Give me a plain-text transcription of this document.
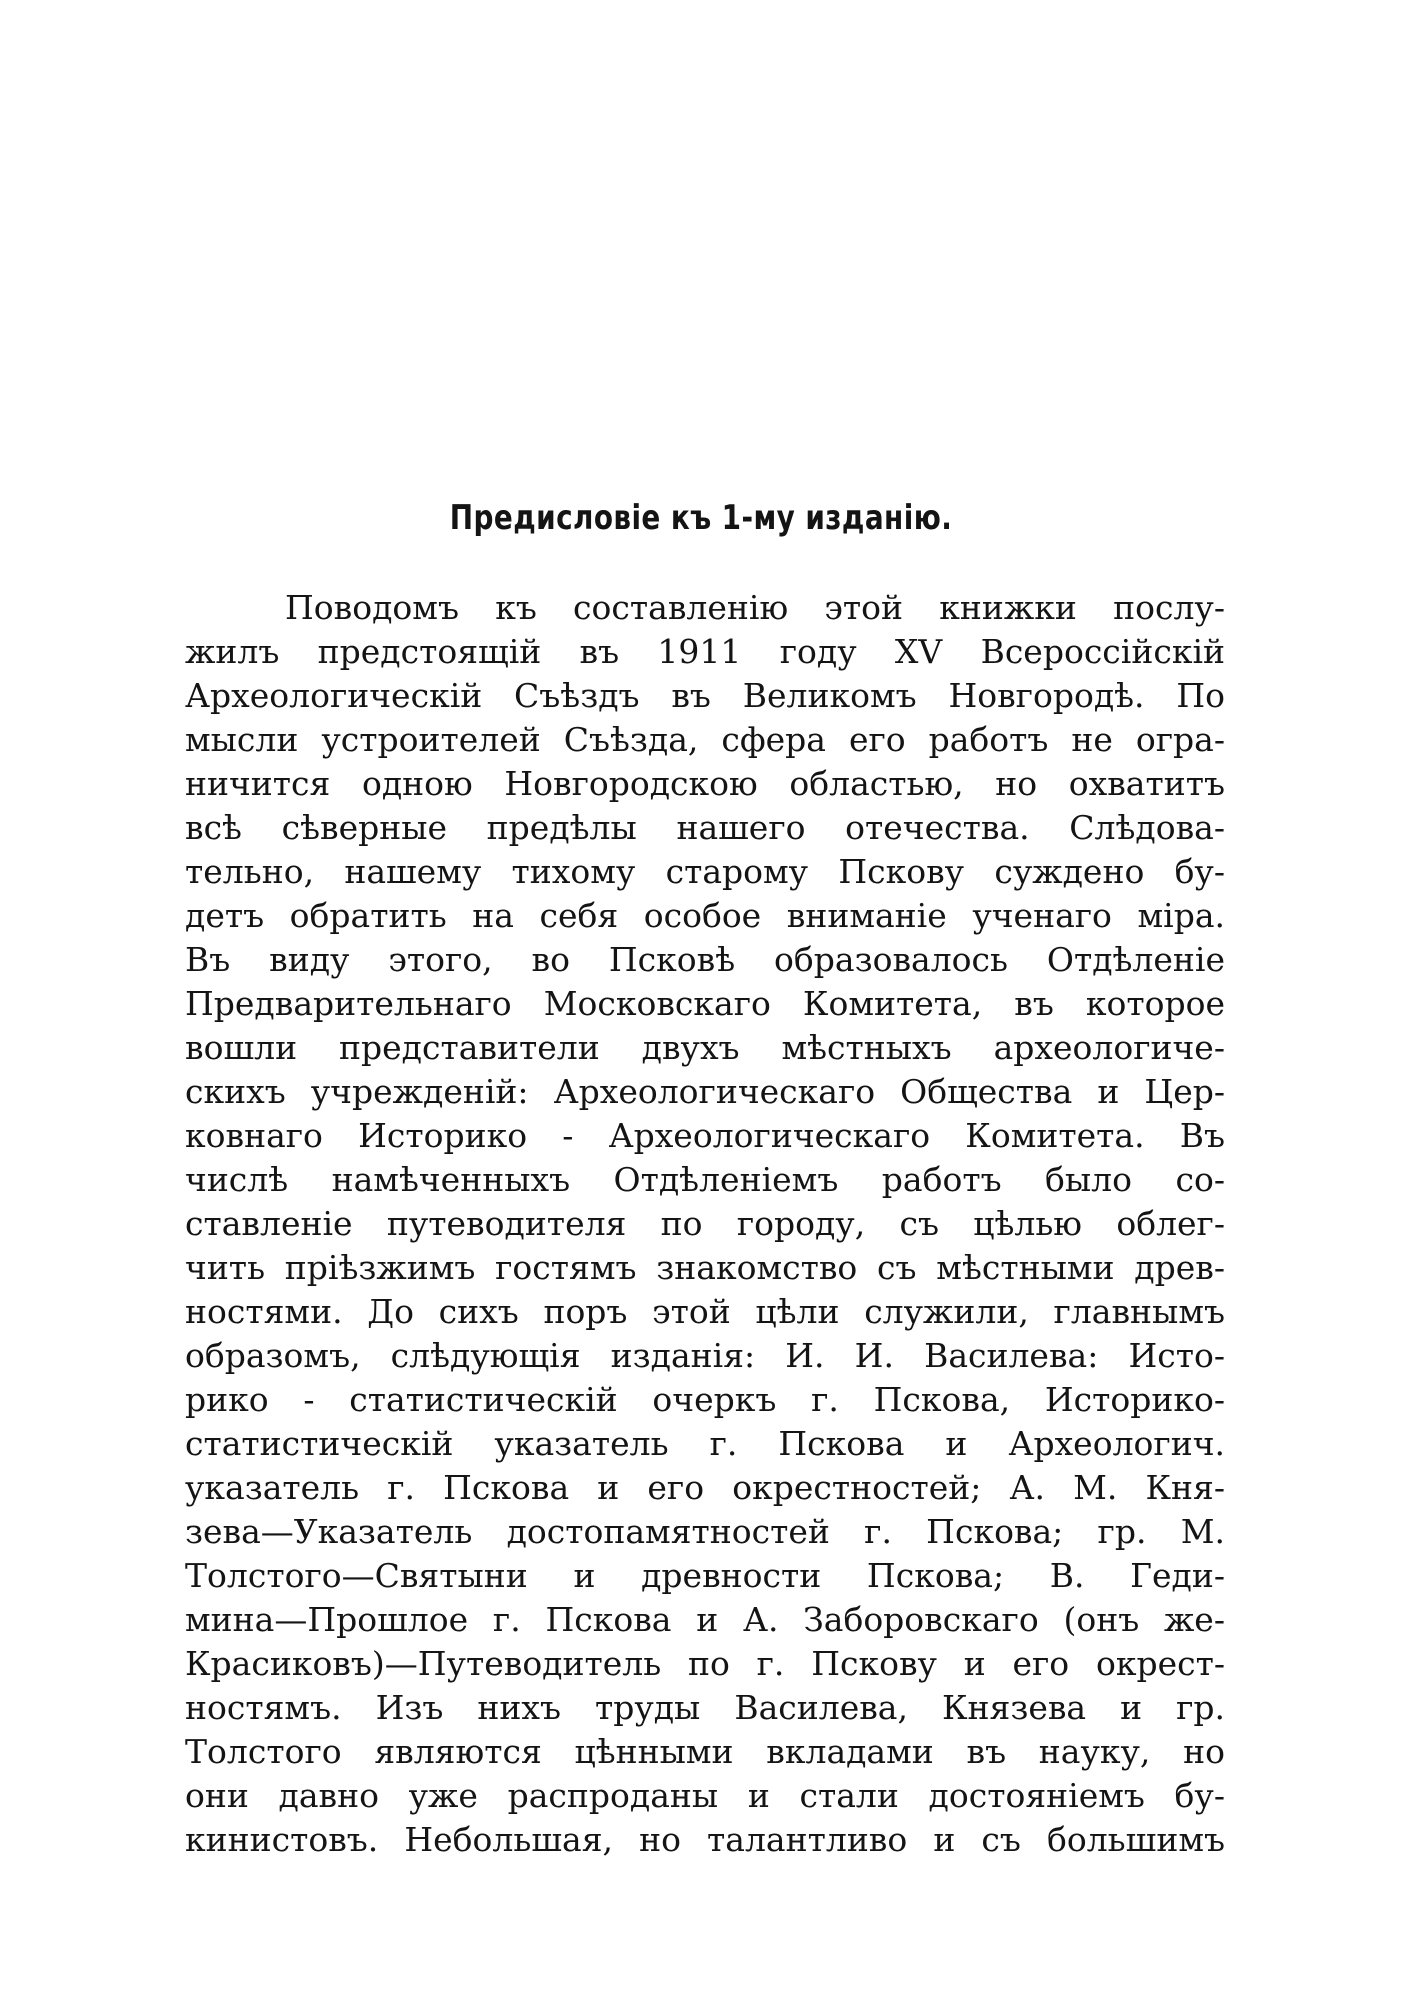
Предисловіе къ 1-му изданію.
Поводомъ къ составленію этой книжки послу-
жилъ предстоящій въ 1911 году XV Всероссійскій
Археологическій Съѣздъ въ Великомъ Новгородѣ. По
мысли устроителей Съѣзда, сфера его работъ не огра-
ничится одною Новгородскою областью, но охватитъ
всѣ сѣверные предѣлы нашего отечества. Слѣдова-
тельно, нашему тихому старому Пскову суждено бу-
детъ обратить на себя особое вниманіе ученаго міра.
Въ виду этого, во Псковѣ образовалось Отдѣленіе
Предварительнаго Московскаго Комитета, въ которое
вошли представители двухъ мѣстныхъ археологиче-
скихъ учрежденій: Археологическаго Общества и Цер-
ковнаго Историко - Археологическаго Комитета. Въ
числѣ намѣченныхъ Отдѣленіемъ работъ было со-
ставленіе путеводителя по городу, съ цѣлью облег-
чить пріѣзжимъ гостямъ знакомство съ мѣстными древ-
ностями. До сихъ поръ этой цѣли служили, главнымъ
образомъ, слѣдующія изданія: И. И. Василева: Исто-
рико - статистическій очеркъ г. Пскова, Историко-
статистическій указатель г. Пскова и Археологич.
указатель г. Пскова и его окрестностей; А. М. Кня-
зева—Указатель достопамятностей г. Пскова; гр. М.
Толстого—Святыни и древности Пскова; В. Геди-
мина—Прошлое г. Пскова и А. Заборовскаго (онъ же-
Красиковъ)—Путеводитель по г. Пскову и его окрест-
ностямъ. Изъ нихъ труды Василева, Князева и гр.
Толстого являются цѣнными вкладами въ науку, но
они давно уже распроданы и стали достояніемъ бу-
кинистовъ. Небольшая, но талантливо и съ большимъ
